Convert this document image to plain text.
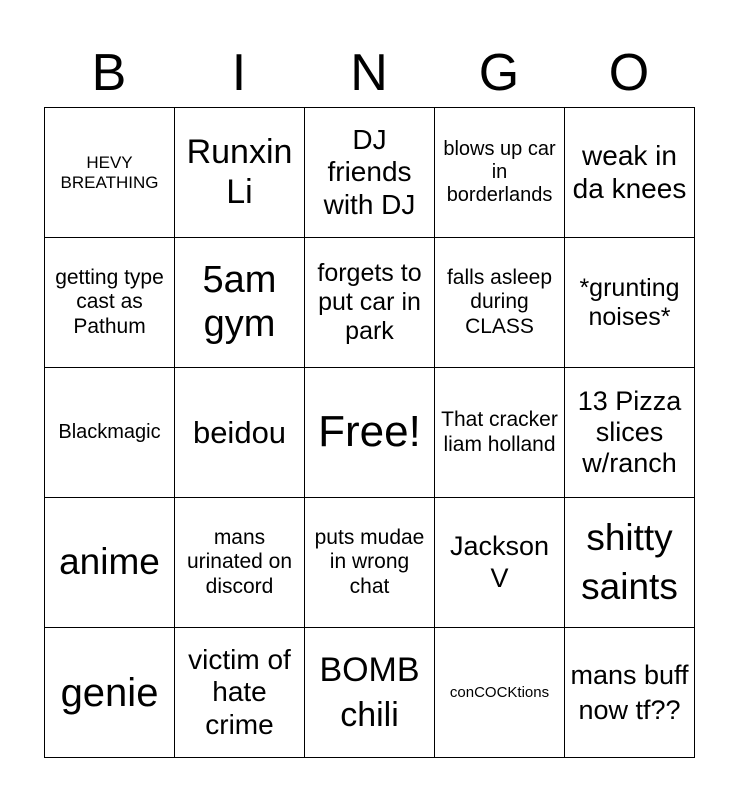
B	I	N	G	O
HEVY BREATHING	Runxin Li	DJ friends with DJ	blows up car in borderlands	weak in da knees
getting type cast as Pathum	5am gym	forgets to put car in park	falls asleep during CLASS	*grunting noises*
Blackmagic	beidou	Free!	That cracker liam holland	13 Pizza slices w/ranch
anime	mans urinated on discord	puts mudae in wrong chat	Jackson V	shitty saints
genie	victim of hate crime	BOMB chili	conCOCKtions	mans buff now tf??
